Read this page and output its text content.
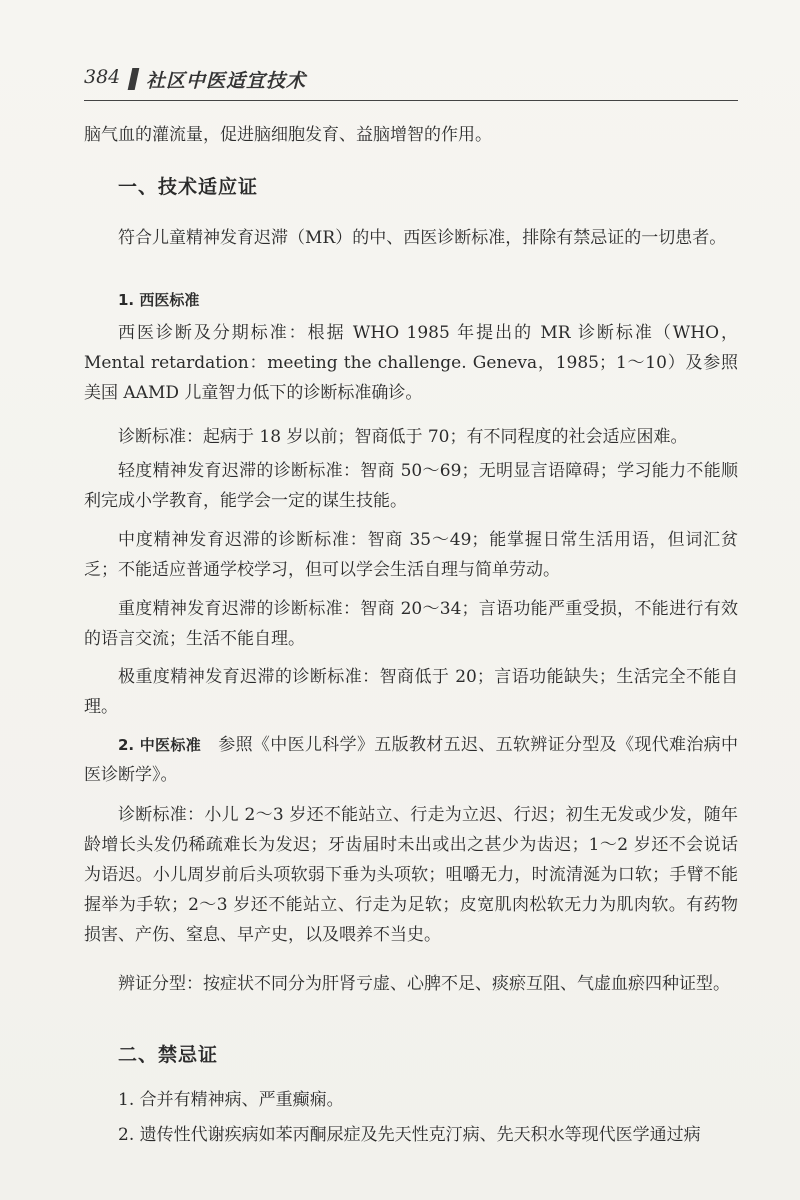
384 社区中医适宜技术

脑气血的灌流量，促进脑细胞发育、益脑增智的作用。

一、技术适应证

符合儿童精神发育迟滞（MR）的中、西医诊断标准，排除有禁忌证的一切患者。

1. 西医标准

西医诊断及分期标准：根据 WHO 1985 年提出的 MR 诊断标准（WHO，Mental retardation：meeting the challenge. Geneva，1985；1～10）及参照美国 AAMD 儿童智力低下的诊断标准确诊。

诊断标准：起病于 18 岁以前；智商低于 70；有不同程度的社会适应困难。

轻度精神发育迟滞的诊断标准：智商 50～69；无明显言语障碍；学习能力不能顺利完成小学教育，能学会一定的谋生技能。

中度精神发育迟滞的诊断标准：智商 35～49；能掌握日常生活用语，但词汇贫乏；不能适应普通学校学习，但可以学会生活自理与简单劳动。

重度精神发育迟滞的诊断标准：智商 20～34；言语功能严重受损，不能进行有效的语言交流；生活不能自理。

极重度精神发育迟滞的诊断标准：智商低于 20；言语功能缺失；生活完全不能自理。

2. 中医标准 参照《中医儿科学》五版教材五迟、五软辨证分型及《现代难治病中医诊断学》。

诊断标准：小儿 2～3 岁还不能站立、行走为立迟、行迟；初生无发或少发，随年龄增长头发仍稀疏难长为发迟；牙齿届时未出或出之甚少为齿迟；1～2 岁还不会说话为语迟。小儿周岁前后头项软弱下垂为头项软；咀嚼无力，时流清涎为口软；手臂不能握举为手软；2～3 岁还不能站立、行走为足软；皮宽肌肉松软无力为肌肉软。有药物损害、产伤、窒息、早产史，以及喂养不当史。

辨证分型：按症状不同分为肝肾亏虚、心脾不足、痰瘀互阻、气虚血瘀四种证型。

二、禁忌证

1. 合并有精神病、严重癫痫。

2. 遗传性代谢疾病如苯丙酮尿症及先天性克汀病、先天积水等现代医学通过病
